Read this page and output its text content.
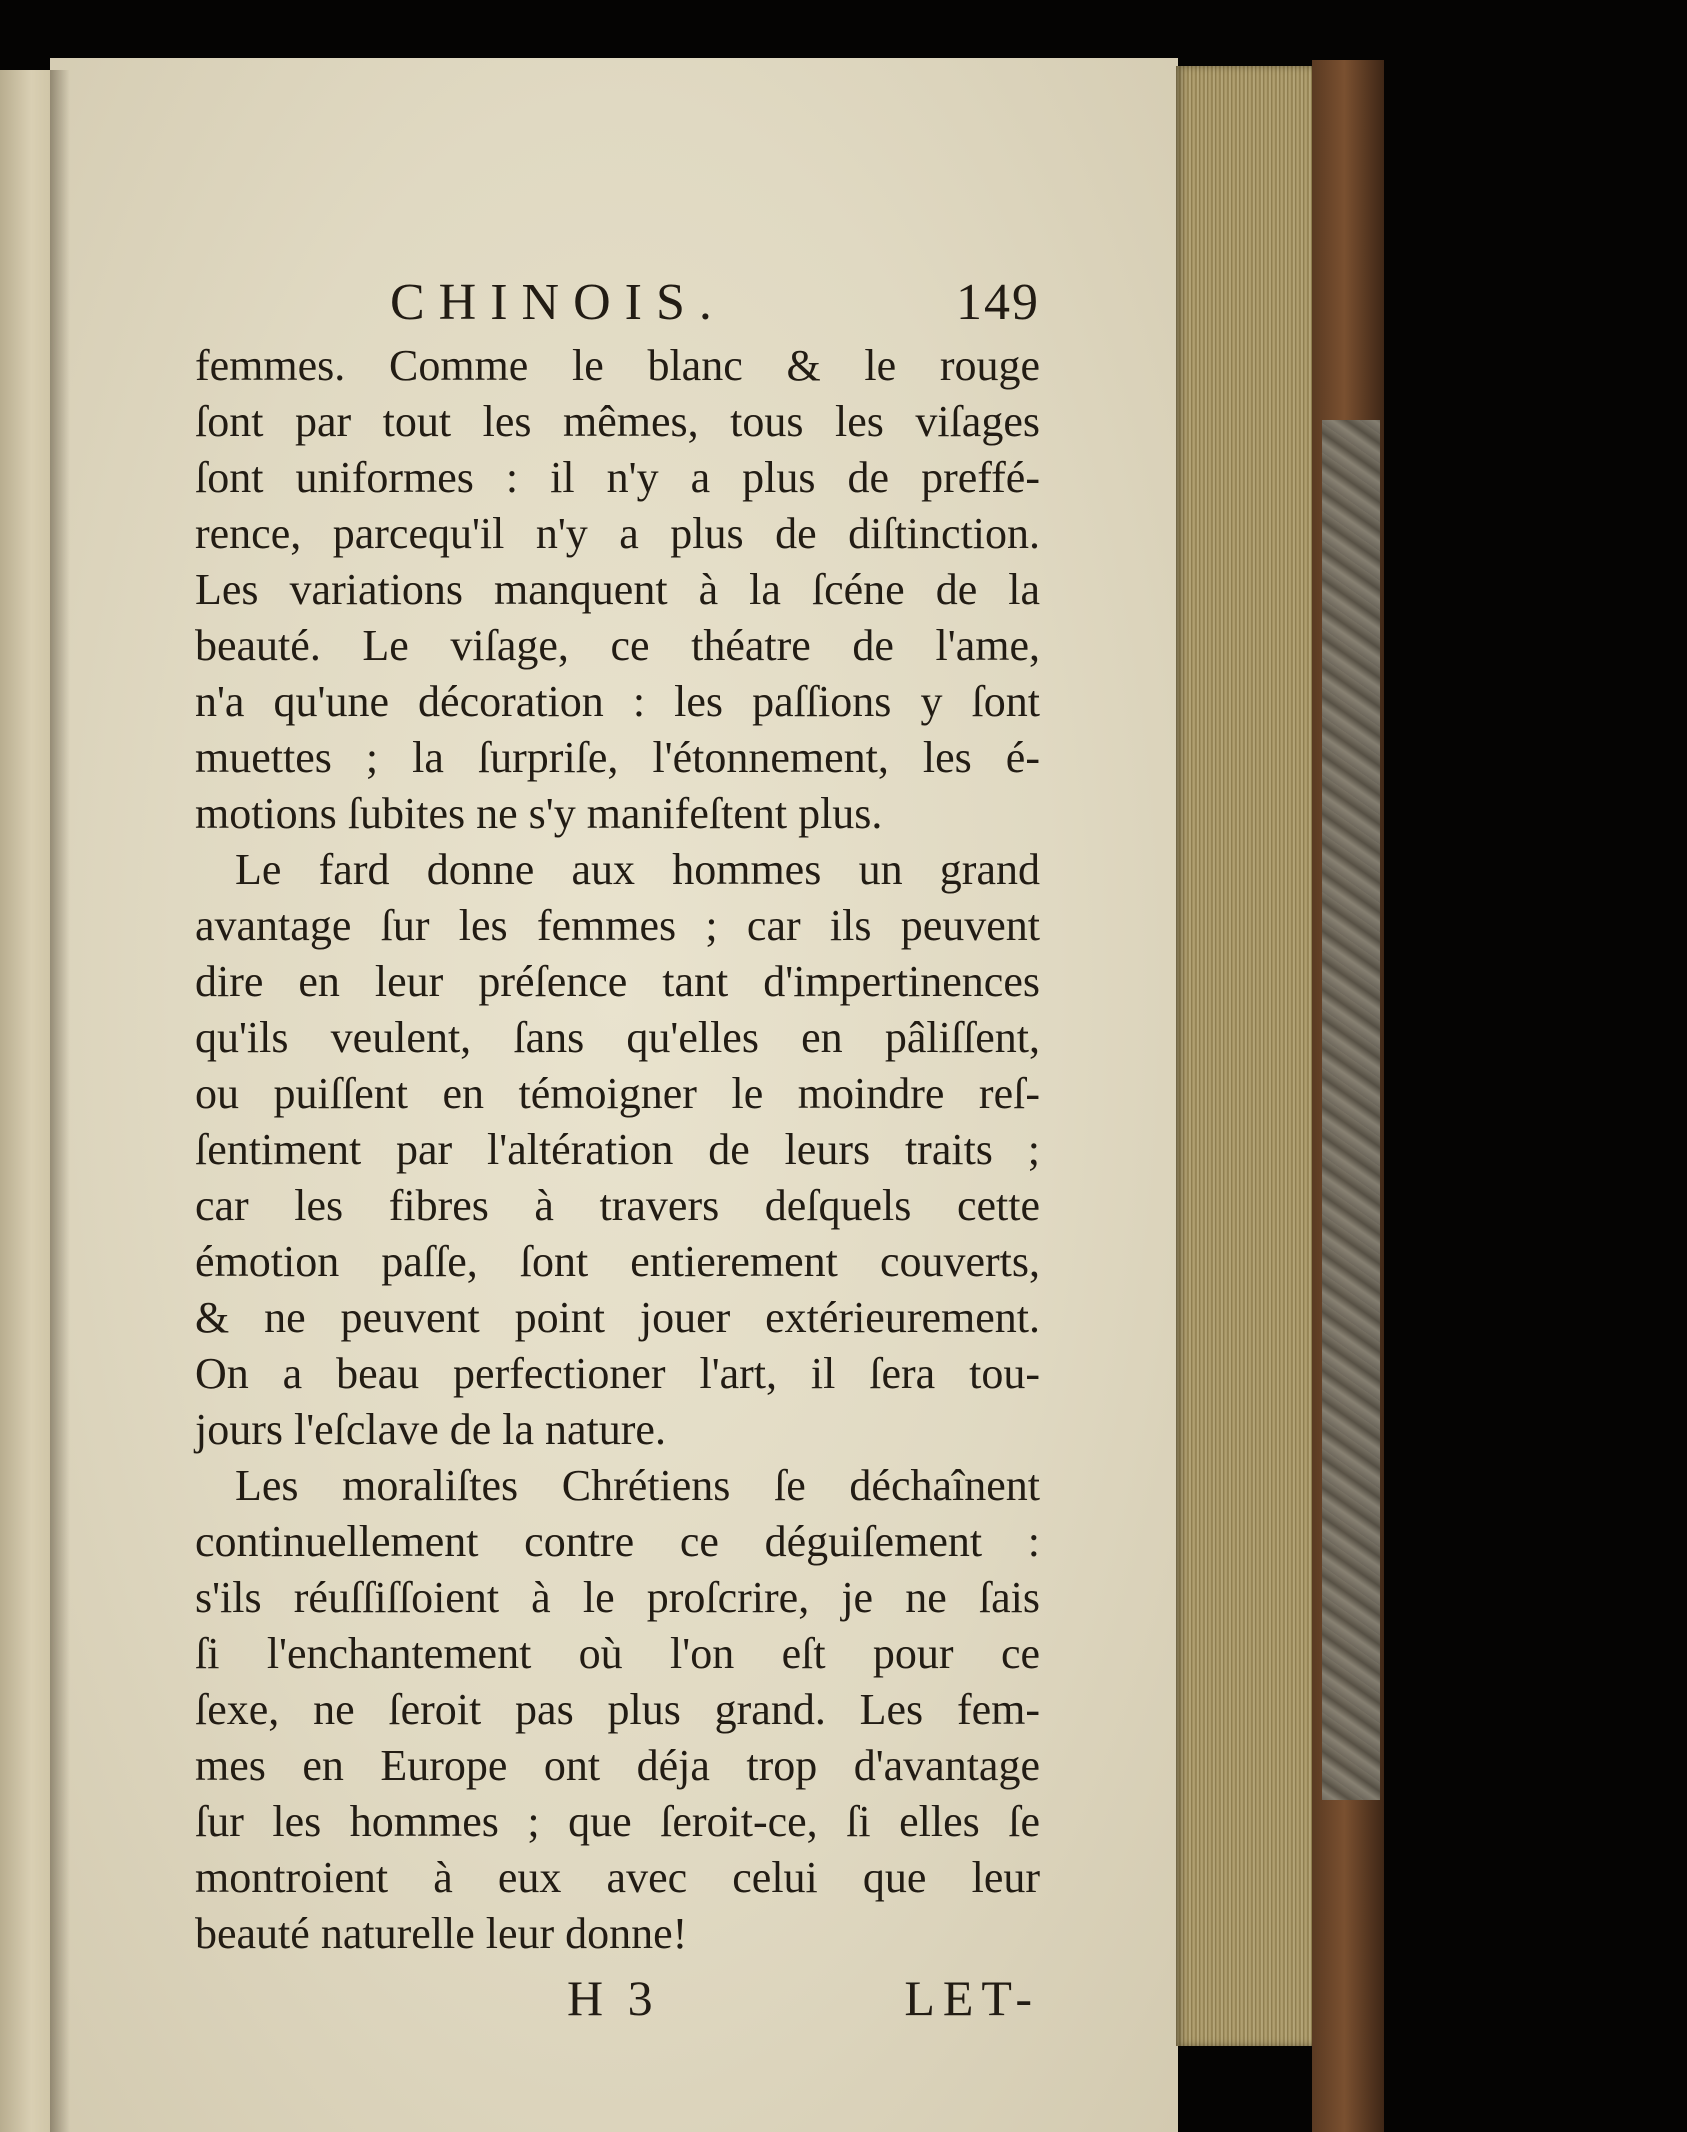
CHINOIS.	149
femmes. Comme le blanc & le rouge
ſont par tout les mêmes, tous les viſages
ſont uniformes : il n'y a plus de preffé-
rence, parcequ'il n'y a plus de diſtinction.
Les variations manquent à la ſcéne de la
beauté. Le viſage, ce théatre de l'ame,
n'a qu'une décoration : les paſſions y ſont
muettes ; la ſurpriſe, l'étonnement, les é-
motions ſubites ne s'y manifeſtent plus.
Le fard donne aux hommes un grand
avantage ſur les femmes ; car ils peuvent
dire en leur préſence tant d'impertinences
qu'ils veulent, ſans qu'elles en pâliſſent,
ou puiſſent en témoigner le moindre reſ-
ſentiment par l'altération de leurs traits ;
car les fibres à travers deſquels cette
émotion paſſe, ſont entierement couverts,
& ne peuvent point jouer extérieurement.
On a beau perfectioner l'art, il ſera tou-
jours l'eſclave de la nature.
Les moraliſtes Chrétiens ſe déchaînent
continuellement contre ce déguiſement :
s'ils réuſſiſſoient à le proſcrire, je ne ſais
ſi l'enchantement où l'on eſt pour ce
ſexe, ne ſeroit pas plus grand. Les fem-
mes en Europe ont déja trop d'avantage
ſur les hommes ; que ſeroit-ce, ſi elles ſe
montroient à eux avec celui que leur
beauté naturelle leur donne!
H 3	LET-
